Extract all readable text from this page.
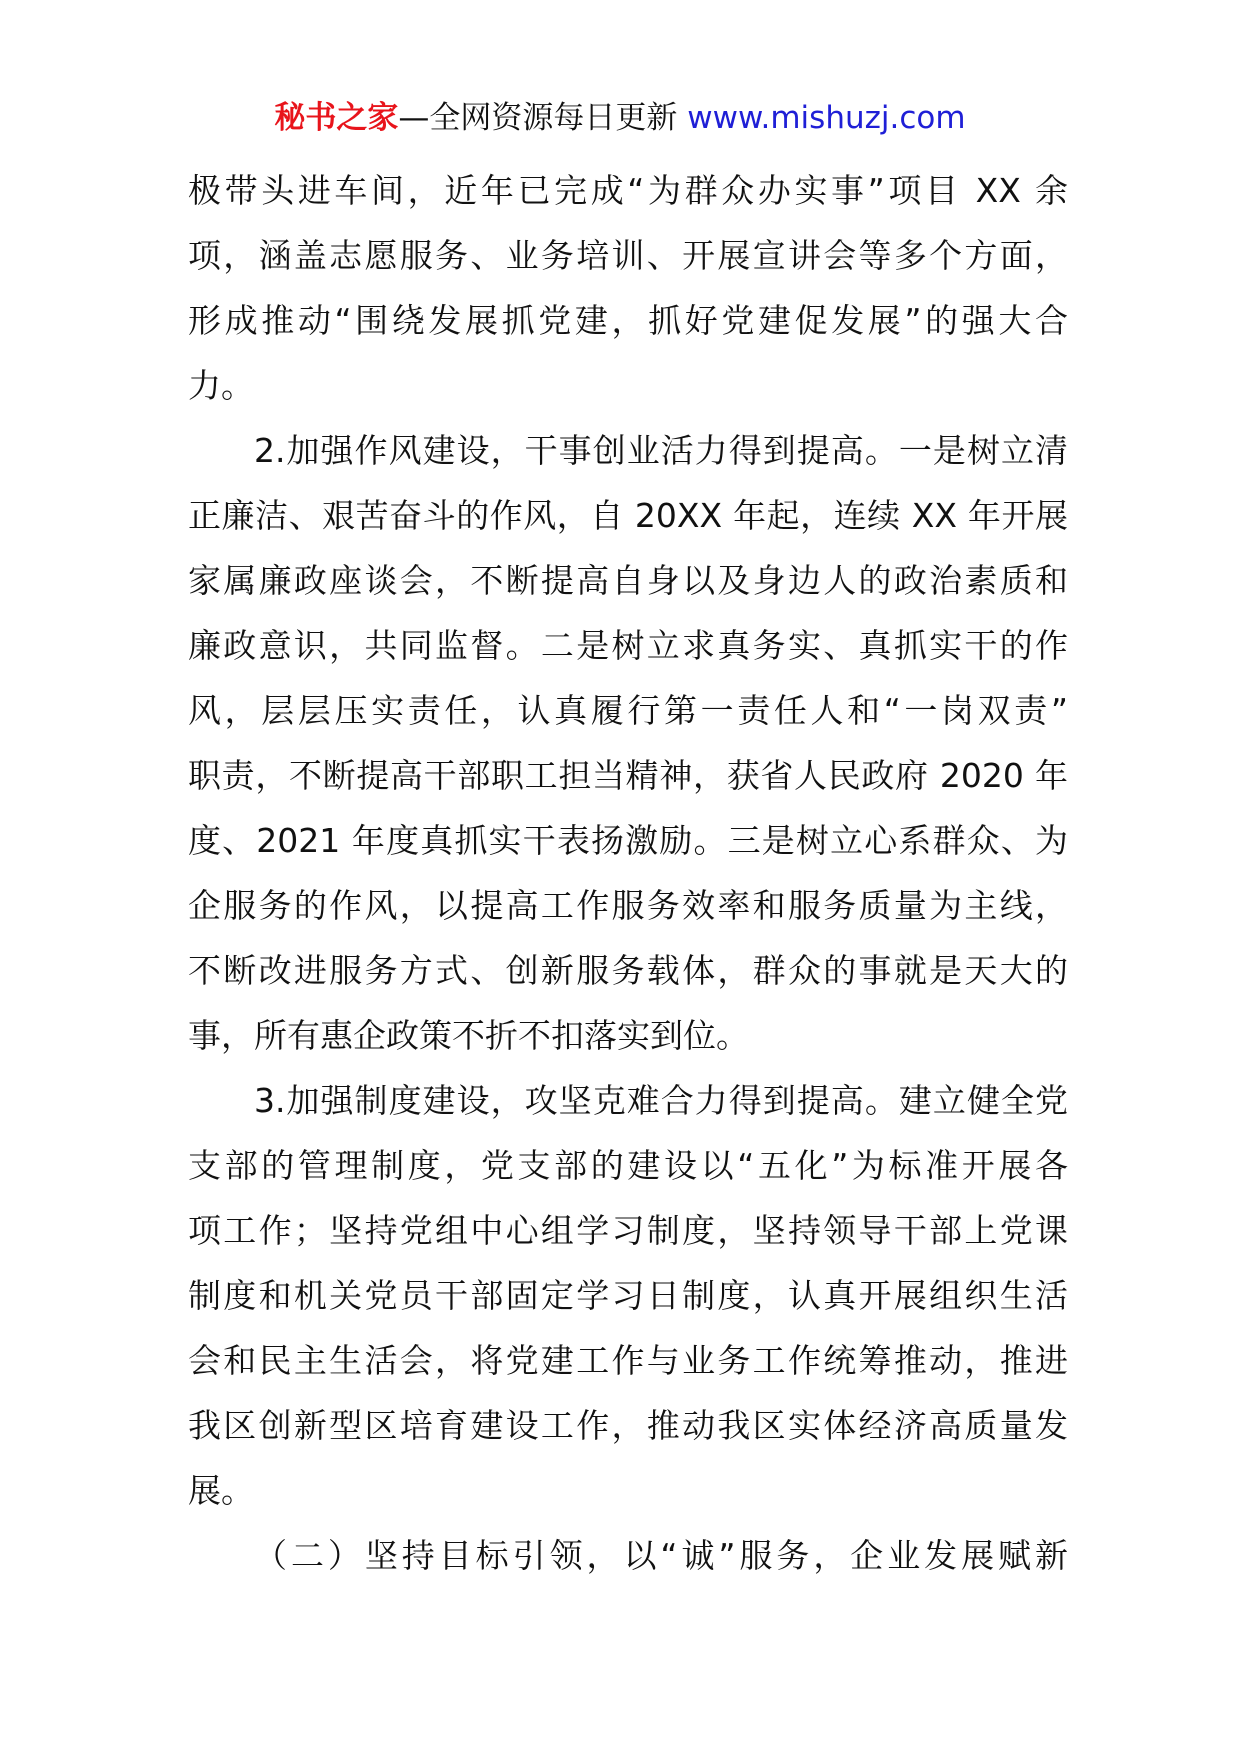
秘书之家—全网资源每日更新 www.mishuzj.com
极带头进车间，近年已完成“为群众办实事”项目 XX 余
项，涵盖志愿服务、业务培训、开展宣讲会等多个方面，
形成推动“围绕发展抓党建，抓好党建促发展”的强大合
力。
2.加强作风建设，干事创业活力得到提高。一是树立清
正廉洁、艰苦奋斗的作风，自 20XX 年起，连续 XX 年开展
家属廉政座谈会，不断提高自身以及身边人的政治素质和
廉政意识，共同监督。二是树立求真务实、真抓实干的作
风，层层压实责任，认真履行第一责任人和“一岗双责”
职责，不断提高干部职工担当精神，获省人民政府 2020 年
度、2021 年度真抓实干表扬激励。三是树立心系群众、为
企服务的作风，以提高工作服务效率和服务质量为主线，
不断改进服务方式、创新服务载体，群众的事就是天大的
事，所有惠企政策不折不扣落实到位。
3.加强制度建设，攻坚克难合力得到提高。建立健全党
支部的管理制度，党支部的建设以“五化”为标准开展各
项工作；坚持党组中心组学习制度，坚持领导干部上党课
制度和机关党员干部固定学习日制度，认真开展组织生活
会和民主生活会，将党建工作与业务工作统筹推动，推进
我区创新型区培育建设工作，推动我区实体经济高质量发
展。
（二）坚持目标引领，以“诚”服务，企业发展赋新
